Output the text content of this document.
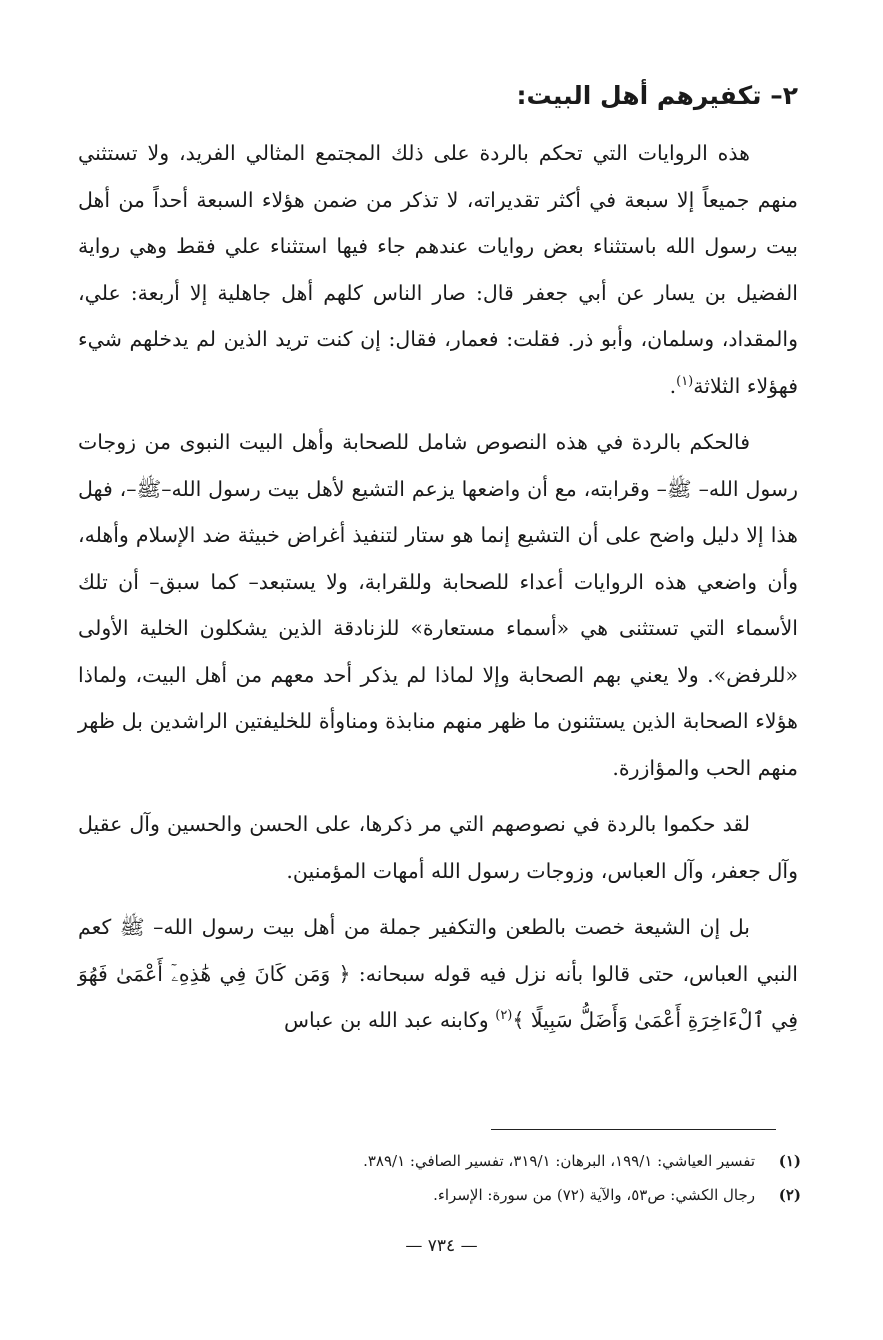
٢– تكفيرهم أهل البيت:

هذه الروايات التي تحكم بالردة على ذلك المجتمع المثالي الفريد، ولا تستثني منهم جميعاً إلا سبعة في أكثر تقديراته، لا تذكر من ضمن هؤلاء السبعة أحداً من أهل بيت رسول الله باستثناء بعض روايات عندهم جاء فيها استثناء علي فقط وهي رواية الفضيل بن يسار عن أبي جعفر قال: صار الناس كلهم أهل جاهلية إلا أربعة: علي، والمقداد، وسلمان، وأبو ذر. فقلت: فعمار، فقال: إن كنت تريد الذين لم يدخلهم شيء فهؤلاء الثلاثة$^{(١)}$.

فالحكم بالردة في هذه النصوص شامل للصحابة وأهل البيت النبوى من زوجات رسول الله– ﷺ– وقرابته، مع أن واضعها يزعم التشيع لأهل بيت رسول الله–ﷺ–، فهل هذا إلا دليل واضح على أن التشيع إنما هو ستار لتنفيذ أغراض خبيثة ضد الإسلام وأهله، وأن واضعي هذه الروايات أعداء للصحابة وللقرابة، ولا يستبعد– كما سبق– أن تلك الأسماء التي تستثنى هي «أسماء مستعارة» للزنادقة الذين يشكلون الخلية الأولى «للرفض». ولا يعني بهم الصحابة وإلا لماذا لم يذكر أحد معهم من أهل البيت، ولماذا هؤلاء الصحابة الذين يستثنون ما ظهر منهم منابذة ومناوأة للخليفتين الراشدين بل ظهر منهم الحب والمؤازرة.

لقد حكموا بالردة في نصوصهم التي مر ذكرها، على الحسن والحسين وآل عقيل وآل جعفر، وآل العباس، وزوجات رسول الله أمهات المؤمنين.

بل إن الشيعة خصت بالطعن والتكفير جملة من أهل بيت رسول الله– ﷺ كعم النبي العباس، حتى قالوا بأنه نزل فيه قوله سبحانه: ﴿ وَمَن كَانَ فِي هَٰذِهِۦٓ أَعْمَىٰ فَهُوَ فِي ٱلْءَاخِرَةِ أَعْمَىٰ وَأَضَلُّ سَبِيلًا ﴾$^{(٢)}$ وكابنه عبد الله بن عباس

(١)
تفسير العياشي: ١٩٩/١، البرهان: ٣١٩/١، تفسير الصافي: ٣٨٩/١.
(٢)
رجال الكشي: ص٥٣، والآية (٧٢) من سورة: الإسراء.
— ٧٣٤ —
